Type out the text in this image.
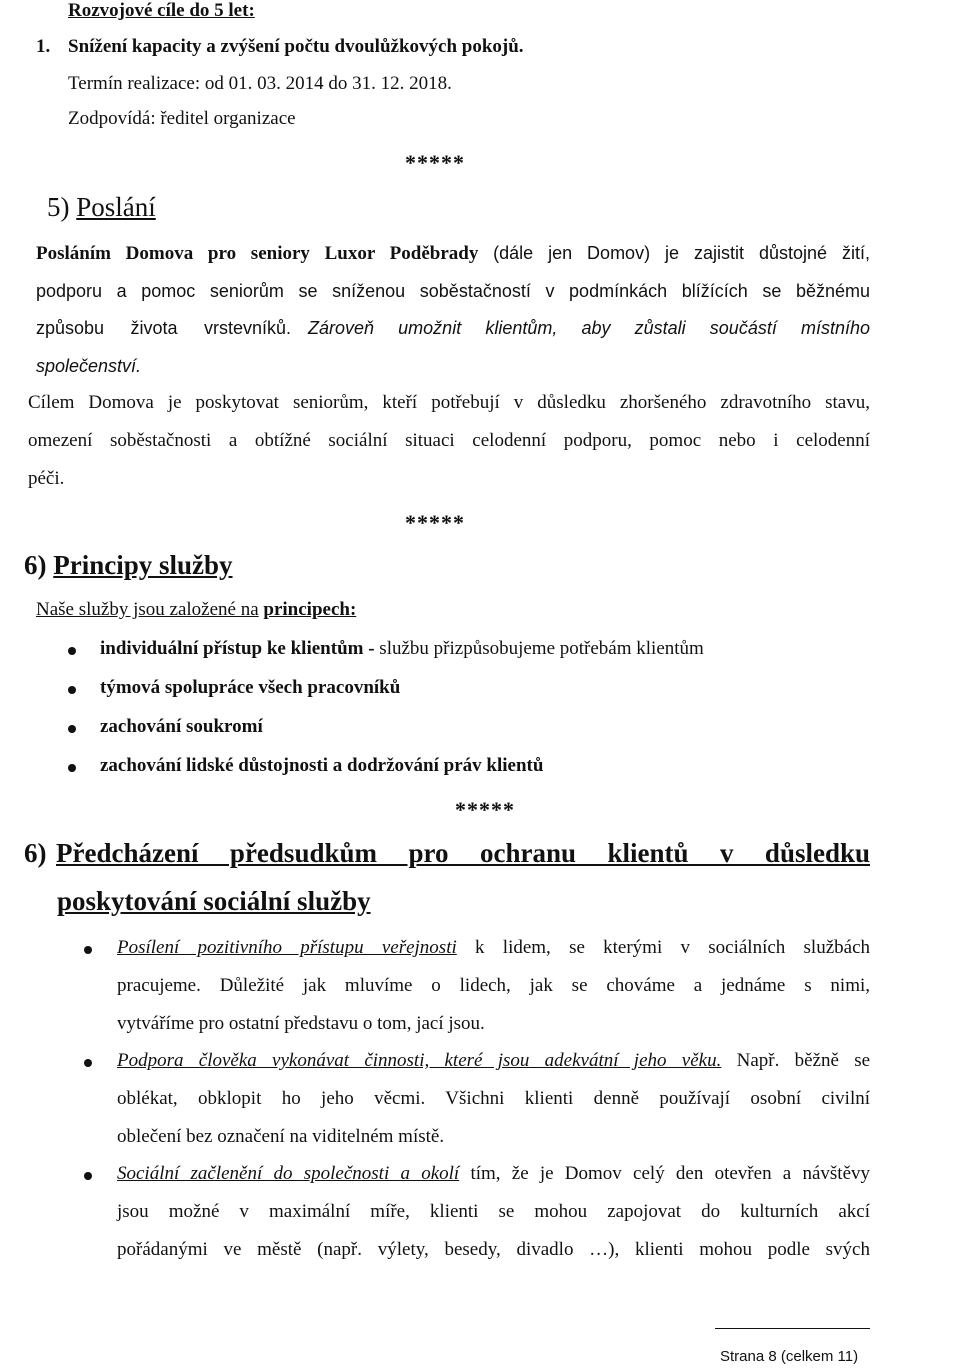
Rozvojové cíle do 5 let:
1. Snížení kapacity a zvýšení počtu dvoulůžkových pokojů.
Termín realizace: od 01. 03. 2014 do 31. 12. 2018.
Zodpovídá: ředitel organizace
*****
5) Poslání
Posláním Domova pro seniory Luxor Poděbrady (dále jen Domov) je zajistit důstojné žití,
podporu a pomoc seniorům se sníženou soběstačností v podmínkách blížících se běžnému
způsobu života vrstevníků. Zároveň umožnit klientům, aby zůstali součástí místního
společenství.
Cílem Domova je poskytovat seniorům, kteří potřebují v důsledku zhoršeného zdravotního stavu,
omezení soběstačnosti a obtížné sociální situaci celodenní podporu, pomoc nebo i celodenní
péči.
*****
6) Principy služby
Naše služby jsou založené na principech:
individuální přístup ke klientům - službu přizpůsobujeme potřebám klientům
týmová spolupráce všech pracovníků
zachování soukromí
zachování lidské důstojnosti a dodržování práv klientů
*****
6) Předcházení předsudkům pro ochranu klientů v důsledku
poskytování sociální služby
Posílení pozitivního přístupu veřejnosti k lidem, se kterými v sociálních službách
pracujeme. Důležité jak mluvíme o lidech, jak se chováme a jednáme s nimi,
vytváříme pro ostatní představu o tom, jací jsou.
Podpora člověka vykonávat činnosti, které jsou adekvátní jeho věku. Např. běžně se
oblékat, obklopit ho jeho věcmi. Všichni klienti denně používají osobní civilní
oblečení bez označení na viditelném místě.
Sociální začlenění do společnosti a okolí tím, že je Domov celý den otevřen a návštěvy
jsou možné v maximální míře, klienti se mohou zapojovat do kulturních akcí
pořádanými ve městě (např. výlety, besedy, divadlo …), klienti mohou podle svých
Strana 8 (celkem 11)
